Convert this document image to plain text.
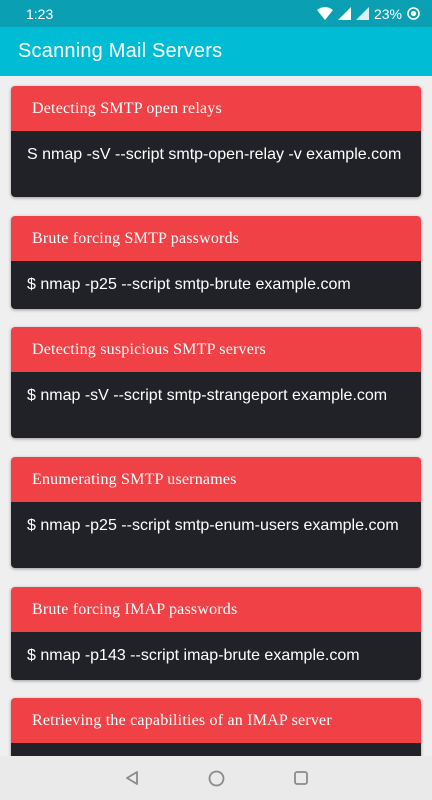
1:23	23%
Scanning Mail Servers
Detecting SMTP open relays
S nmap -sV --script smtp-open-relay -v example.com
Brute forcing SMTP passwords
$ nmap -p25 --script smtp-brute example.com
Detecting suspicious SMTP servers
$ nmap -sV --script smtp-strangeport example.com
Enumerating SMTP usernames
$ nmap -p25 --script smtp-enum-users example.com
Brute forcing IMAP passwords
$ nmap -p143 --script imap-brute example.com
Retrieving the capabilities of an IMAP server
